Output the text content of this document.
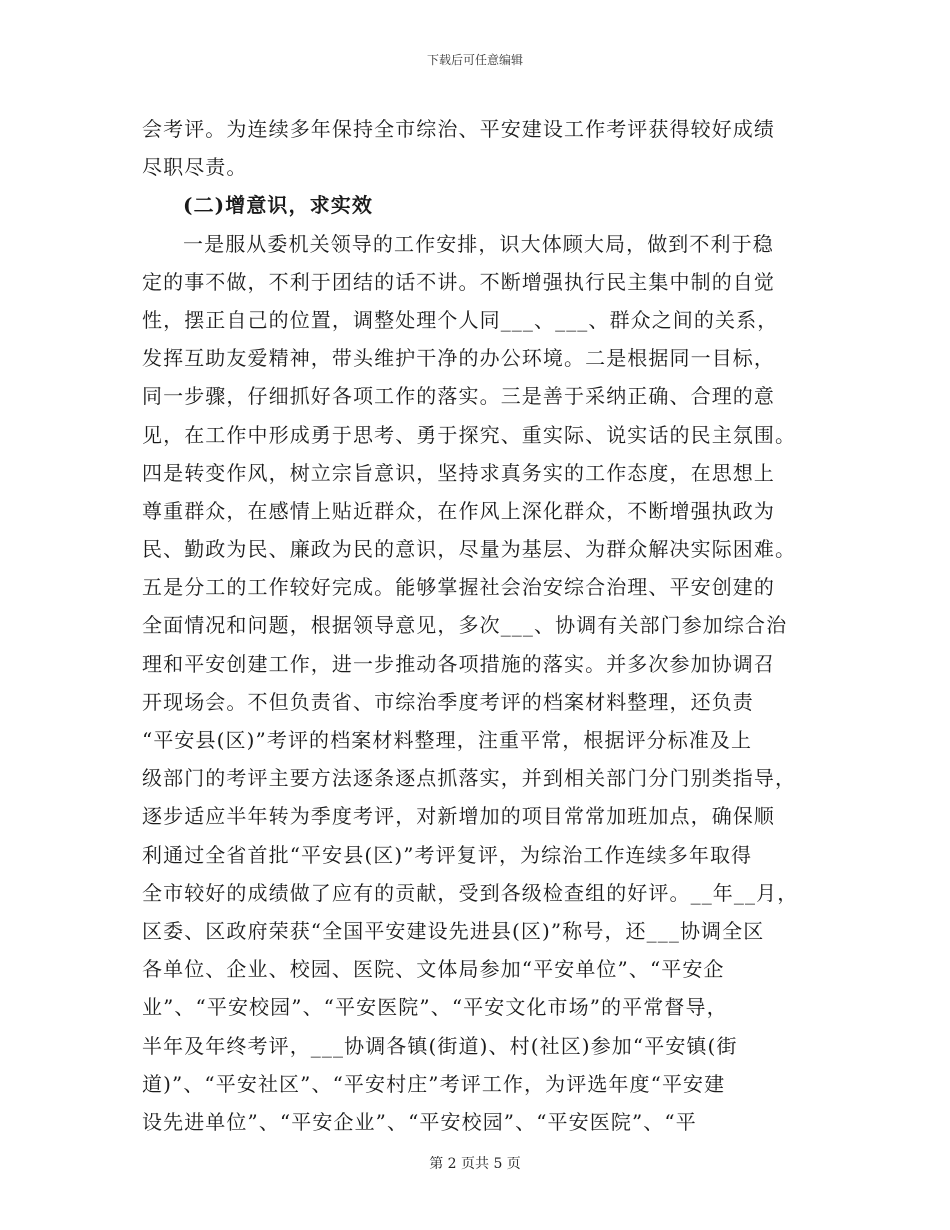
下载后可任意编辑
会考评。为连续多年保持全市综治、平安建设工作考评获得较好成绩
尽职尽责。
(二)增意识，求实效
一是服从委机关领导的工作安排，识大体顾大局，做到不利于稳
定的事不做，不利于团结的话不讲。不断增强执行民主集中制的自觉
性，摆正自己的位置，调整处理个人同___、___、群众之间的关系，
发挥互助友爱精神，带头维护干净的办公环境。二是根据同一目标，
同一步骤，仔细抓好各项工作的落实。三是善于采纳正确、合理的意
见，在工作中形成勇于思考、勇于探究、重实际、说实话的民主氛围。
四是转变作风，树立宗旨意识，坚持求真务实的工作态度，在思想上
尊重群众，在感情上贴近群众，在作风上深化群众，不断增强执政为
民、勤政为民、廉政为民的意识，尽量为基层、为群众解决实际困难。
五是分工的工作较好完成。能够掌握社会治安综合治理、平安创建的
全面情况和问题，根据领导意见，多次___、协调有关部门参加综合治
理和平安创建工作，进一步推动各项措施的落实。并多次参加协调召
开现场会。不但负责省、市综治季度考评的档案材料整理，还负责
“平安县(区)”考评的档案材料整理，注重平常，根据评分标准及上
级部门的考评主要方法逐条逐点抓落实，并到相关部门分门别类指导，
逐步适应半年转为季度考评，对新增加的项目常常加班加点，确保顺
利通过全省首批“平安县(区)”考评复评，为综治工作连续多年取得
全市较好的成绩做了应有的贡献，受到各级检查组的好评。__年__月，
区委、区政府荣获“全国平安建设先进县(区)”称号，还___协调全区
各单位、企业、校园、医院、文体局参加“平安单位”、“平安企
业”、“平安校园”、“平安医院”、“平安文化市场”的平常督导，
半年及年终考评，___协调各镇(街道)、村(社区)参加“平安镇(街
道)”、“平安社区”、“平安村庄”考评工作，为评选年度“平安建
设先进单位”、“平安企业”、“平安校园”、“平安医院”、“平
第 2 页共 5 页
